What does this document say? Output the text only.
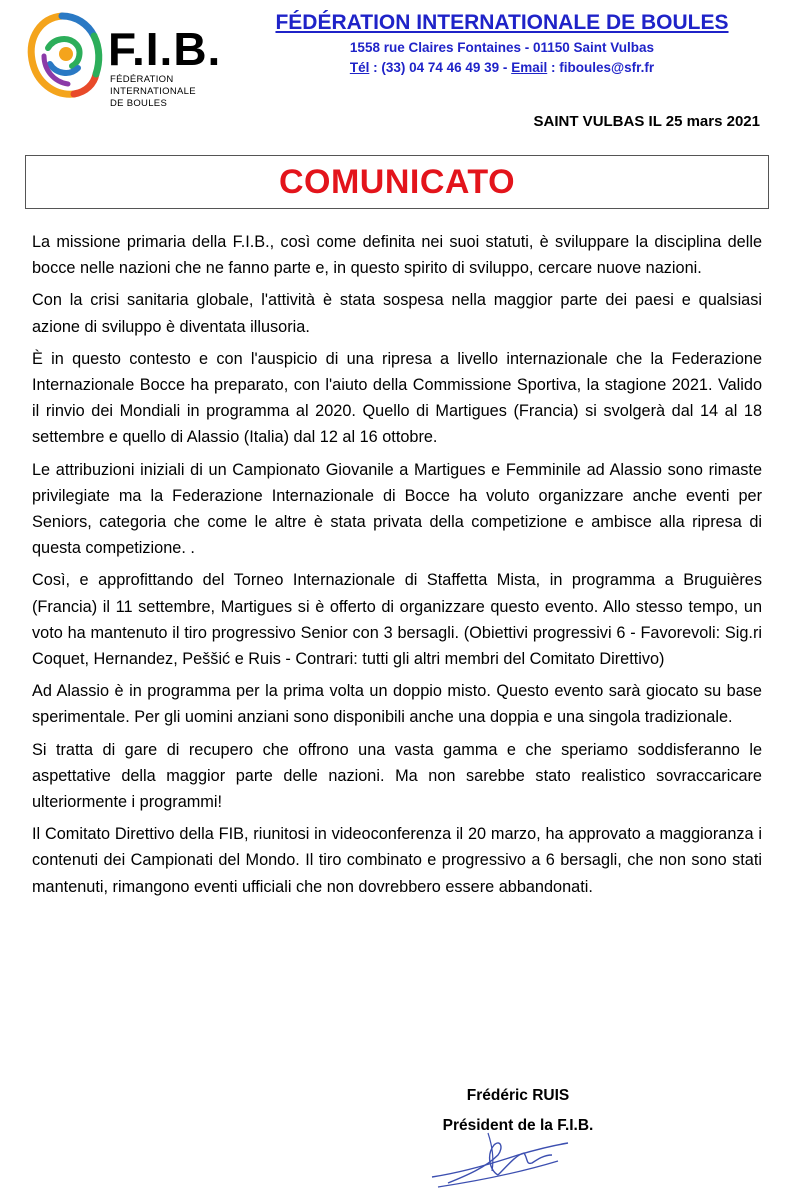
F.I.B.
FÉDÉRATION INTERNATIONALE
DE BOULES
FÉDÉRATION INTERNATIONALE DE BOULES
1558 rue Claires Fontaines - 01150 Saint Vulbas
Tél : (33) 04 74 46 49 39 - Email : fiboules@sfr.fr
SAINT VULBAS IL 25 mars 2021
COMUNICATO

La missione primaria della F.I.B., così come definita nei suoi statuti, è sviluppare la disciplina delle bocce nelle nazioni che ne fanno parte e, in questo spirito di sviluppo, cercare nuove nazioni.

Con la crisi sanitaria globale, l'attività è stata sospesa nella maggior parte dei paesi e qualsiasi azione di sviluppo è diventata illusoria.

È in questo contesto e con l'auspicio di una ripresa a livello internazionale che la Federazione Internazionale Bocce ha preparato, con l'aiuto della Commissione Sportiva, la stagione 2021. Valido il rinvio dei Mondiali in programma al 2020. Quello di Martigues (Francia) si svolgerà dal 14 al 18 settembre e quello di Alassio (Italia) dal 12 al 16 ottobre.

Le attribuzioni iniziali di un Campionato Giovanile a Martigues e Femminile ad Alassio sono rimaste privilegiate ma la Federazione Internazionale di Bocce ha voluto organizzare anche eventi per Seniors, categoria che come le altre è stata privata della competizione e ambisce alla ripresa di questa competizione. .

Così, e approfittando del Torneo Internazionale di Staffetta Mista, in programma a Bruguières (Francia) il 11 settembre, Martigues si è offerto di organizzare questo evento. Allo stesso tempo, un voto ha mantenuto il tiro progressivo Senior con 3 bersagli. (Obiettivi progressivi 6 - Favorevoli: Sig.ri Coquet, Hernandez, Peššić e Ruis - Contrari: tutti gli altri membri del Comitato Direttivo)

Ad Alassio è in programma per la prima volta un doppio misto. Questo evento sarà giocato su base sperimentale. Per gli uomini anziani sono disponibili anche una doppia e una singola tradizionale.

Si tratta di gare di recupero che offrono una vasta gamma e che speriamo soddisferanno le aspettative della maggior parte delle nazioni. Ma non sarebbe stato realistico sovraccaricare ulteriormente i programmi!

Il Comitato Direttivo della FIB, riunitosi in videoconferenza il 20 marzo, ha approvato a maggioranza i contenuti dei Campionati del Mondo. Il tiro combinato e progressivo a 6 bersagli, che non sono stati mantenuti, rimangono eventi ufficiali che non dovrebbero essere abbandonati.

Frédéric RUIS
Président de la F.I.B.
